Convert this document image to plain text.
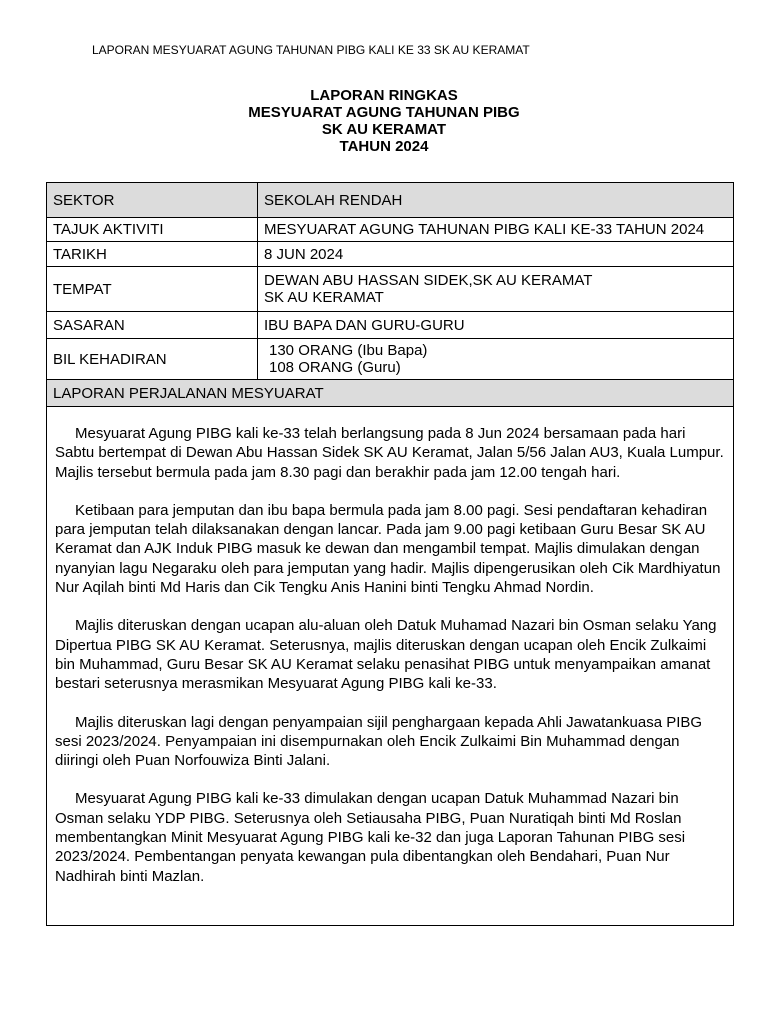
LAPORAN MESYUARAT AGUNG TAHUNAN PIBG KALI KE 33 SK AU KERAMAT
LAPORAN RINGKAS
MESYUARAT AGUNG TAHUNAN PIBG
SK AU KERAMAT
TAHUN 2024
SEKTOR	SEKOLAH RENDAH
TAJUK AKTIVITI	MESYUARAT AGUNG TAHUNAN PIBG KALI KE-33 TAHUN 2024
TARIKH	8 JUN 2024
TEMPAT	DEWAN ABU HASSAN SIDEK,SK AU KERAMAT
SK AU KERAMAT

SASARAN	IBU BAPA DAN GURU-GURU
BIL KEHADIRAN	130 ORANG (Ibu Bapa)
108 ORANG (Guru)

LAPORAN PERJALANAN MESYUARAT	

Mesyuarat Agung PIBG kali ke-33 telah berlangsung pada 8 Jun 2024 bersamaan pada hari Sabtu bertempat di Dewan Abu Hassan Sidek SK AU Keramat, Jalan 5/56 Jalan AU3, Kuala Lumpur. Majlis tersebut bermula pada jam 8.30 pagi dan berakhir pada jam 12.00 tengah hari.

Ketibaan para jemputan dan ibu bapa bermula pada jam 8.00 pagi. Sesi pendaftaran kehadiran para jemputan telah dilaksanakan dengan lancar. Pada jam 9.00 pagi ketibaan Guru Besar SK AU Keramat dan AJK Induk PIBG masuk ke dewan dan mengambil tempat. Majlis dimulakan dengan nyanyian lagu Negaraku oleh para jemputan yang hadir. Majlis dipengerusikan oleh Cik Mardhiyatun Nur Aqilah binti Md Haris dan Cik Tengku Anis Hanini binti Tengku Ahmad Nordin.

Majlis diteruskan dengan ucapan alu-aluan oleh Datuk Muhamad Nazari bin Osman selaku Yang Dipertua PIBG SK AU Keramat. Seterusnya, majlis diteruskan dengan ucapan oleh Encik Zulkaimi bin Muhammad, Guru Besar SK AU Keramat selaku penasihat PIBG untuk menyampaikan amanat bestari seterusnya merasmikan Mesyuarat Agung PIBG kali ke-33.

Majlis diteruskan lagi dengan penyampaian sijil penghargaan kepada Ahli Jawatankuasa PIBG sesi 2023/2024. Penyampaian ini disempurnakan oleh Encik Zulkaimi Bin Muhammad dengan diiringi oleh Puan Norfouwiza Binti Jalani.

Mesyuarat Agung PIBG kali ke-33 dimulakan dengan ucapan Datuk Muhammad Nazari bin Osman selaku YDP PIBG. Seterusnya oleh Setiausaha PIBG, Puan Nuratiqah binti Md Roslan membentangkan Minit Mesyuarat Agung PIBG kali ke-32 dan juga Laporan Tahunan PIBG sesi 2023/2024. Pembentangan penyata kewangan pula dibentangkan oleh Bendahari, Puan Nur Nadhirah binti Mazlan.	
